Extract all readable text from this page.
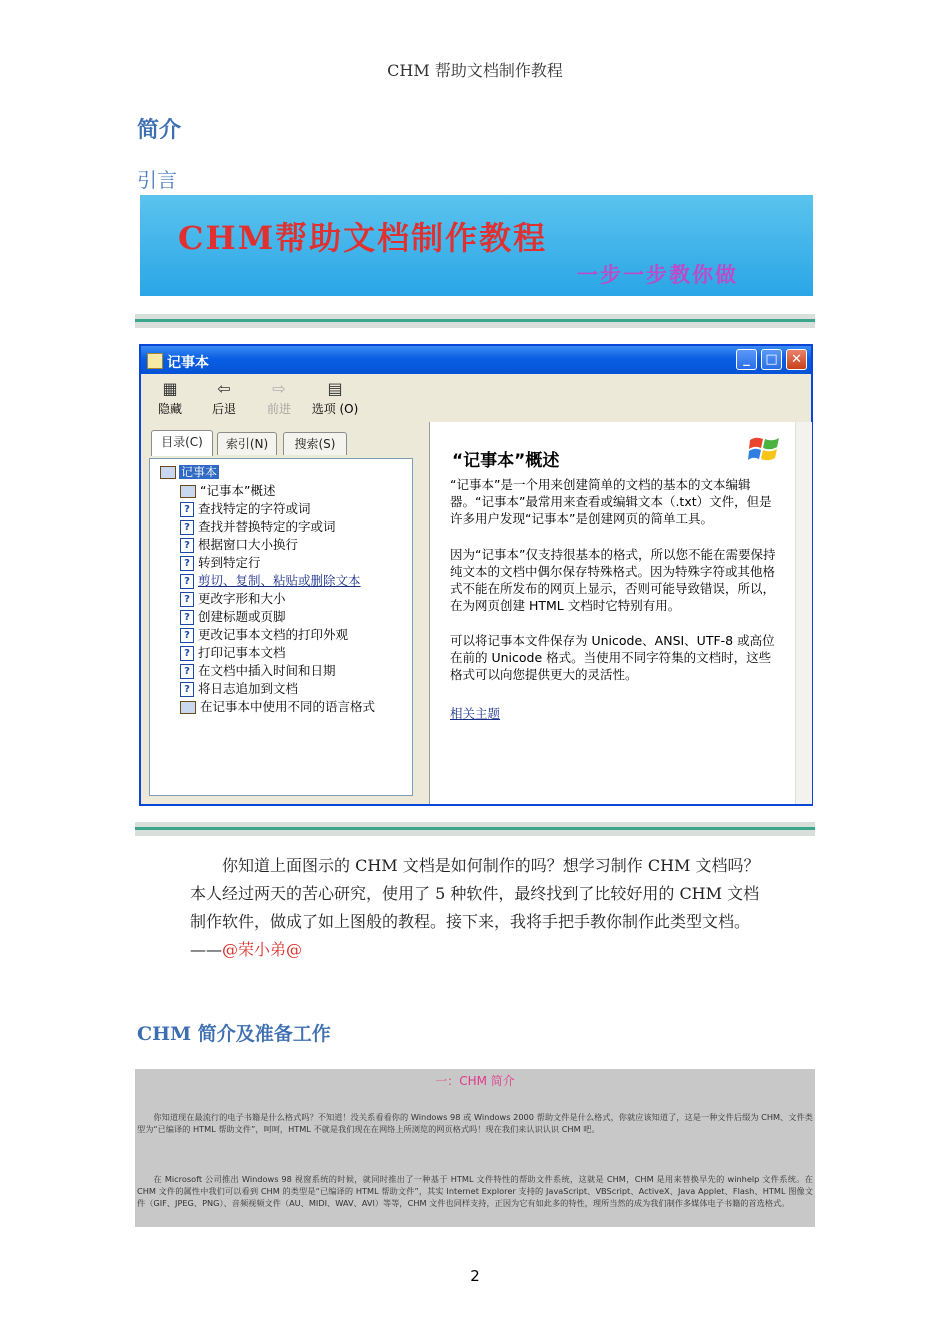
CHM 帮助文档制作教程
简介
引言
CHM帮助文档制作教程
一步一步教你做
记事本	_	□	✕
▦
隐藏
⇦
后退
⇨
前进
▤
选项 (O)
目录(C)	索引(N)	搜索(S)
记事本
“记事本”概述
? 查找特定的字符或词
? 查找并替换特定的字或词
? 根据窗口大小换行
? 转到特定行
? 剪切、复制、粘贴或删除文本
? 更改字形和大小
? 创建标题或页脚
? 更改记事本文档的打印外观
? 打印记事本文档
? 在文档中插入时间和日期
? 将日志追加到文档
在记事本中使用不同的语言格式
“记事本”概述
“记事本”是一个用来创建简单的文档的基本的文本编辑器。“记事本”最常用来查看或编辑文本（.txt）文件，但是许多用户发现“记事本”是创建网页的简单工具。
因为“记事本”仅支持很基本的格式，所以您不能在需要保持纯文本的文档中偶尔保存特殊格式。因为特殊字符或其他格式不能在所发布的网页上显示，否则可能导致错误，所以，在为网页创建 HTML 文档时它特别有用。
可以将记事本文件保存为 Unicode、ANSI、UTF-8 或高位在前的 Unicode 格式。当使用不同字符集的文档时，这些格式可以向您提供更大的灵活性。
相关主题
你知道上面图示的 CHM 文档是如何制作的吗？想学习制作 CHM 文档吗？本人经过两天的苦心研究，使用了 5 种软件，最终找到了比较好用的 CHM 文档制作软件，做成了如上图般的教程。接下来，我将手把手教你制作此类型文档。——@荣小弟@
CHM 简介及准备工作
一：CHM 简介
你知道现在最流行的电子书籍是什么格式吗？不知道！没关系看看你的 Windows 98 或 Windows 2000 帮助文件是什么格式，你就应该知道了，这是一种文件后缀为 CHM、文件类型为“已编译的 HTML 帮助文件”，呵呵，HTML 不就是我们现在在网络上所浏览的网页格式吗！现在我们来认识认识 CHM 吧。
在 Microsoft 公司推出 Windows 98 视窗系统的时候，就同时推出了一种基于 HTML 文件特性的帮助文件系统，这就是 CHM，CHM 是用来替换早先的 winhelp 文件系统。在 CHM 文件的属性中我们可以看到 CHM 的类型是“已编译的 HTML 帮助文件”，其实 Internet Explorer 支持的 JavaScript、VBScript、ActiveX、Java Applet、Flash、HTML 图像文件（GIF、JPEG、PNG）、音频视频文件（AU、MIDI、WAV、AVI）等等，CHM 文件也同样支持，正因为它有如此多的特性，理所当然的成为我们制作多媒体电子书籍的首选格式。
2
